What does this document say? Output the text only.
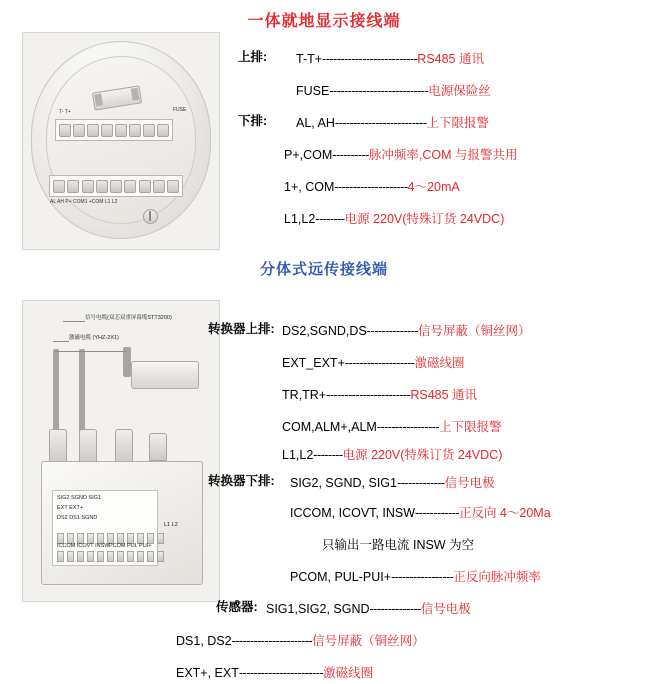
一体就地显示接线端
FUSE
T- T+
AL AH P+ COM1 +COM L1 L2
上排: T-T+--------------------------RS485 通讯
FUSE---------------------------电源保险丝
下排: AL, AH-------------------------上下限报警
P+,COM----------脉冲频率,COM 与报警共用
1+, COM--------------------4～20mA
L1,L2--------电源 220V(特殊订货 24VDC)
分体式远传接线端
信号电缆(双芯双重屏幕缆STT3200)
激磁电缆 (YHZ-2X1)
SIG2 SGND SIG1
EXT EXT+
DS2 DS1 SGND
ICCOM ICOVT INSW PCOM PUL PUI+
L1 L2
转换器上排: DS2,SGND,DS--------------信号屏蔽（铜丝网）
EXT_EXT+-------------------激磁线圈
TR,TR+-----------------------RS485 通讯
COM,ALM+,ALM-----------------上下限报警
L1,L2--------电源 220V(特殊订货 24VDC)
转换器下排: SIG2, SGND, SIG1-------------信号电极
ICCOM, ICOVT, INSW------------正反向 4～20Ma
只输出一路电流 INSW 为空
PCOM, PUL-PUI+-----------------正反向脉冲频率
传感器: SIG1,SIG2, SGND--------------信号电极
DS1, DS2----------------------信号屏蔽（铜丝网）
EXT+, EXT-----------------------激磁线圈
